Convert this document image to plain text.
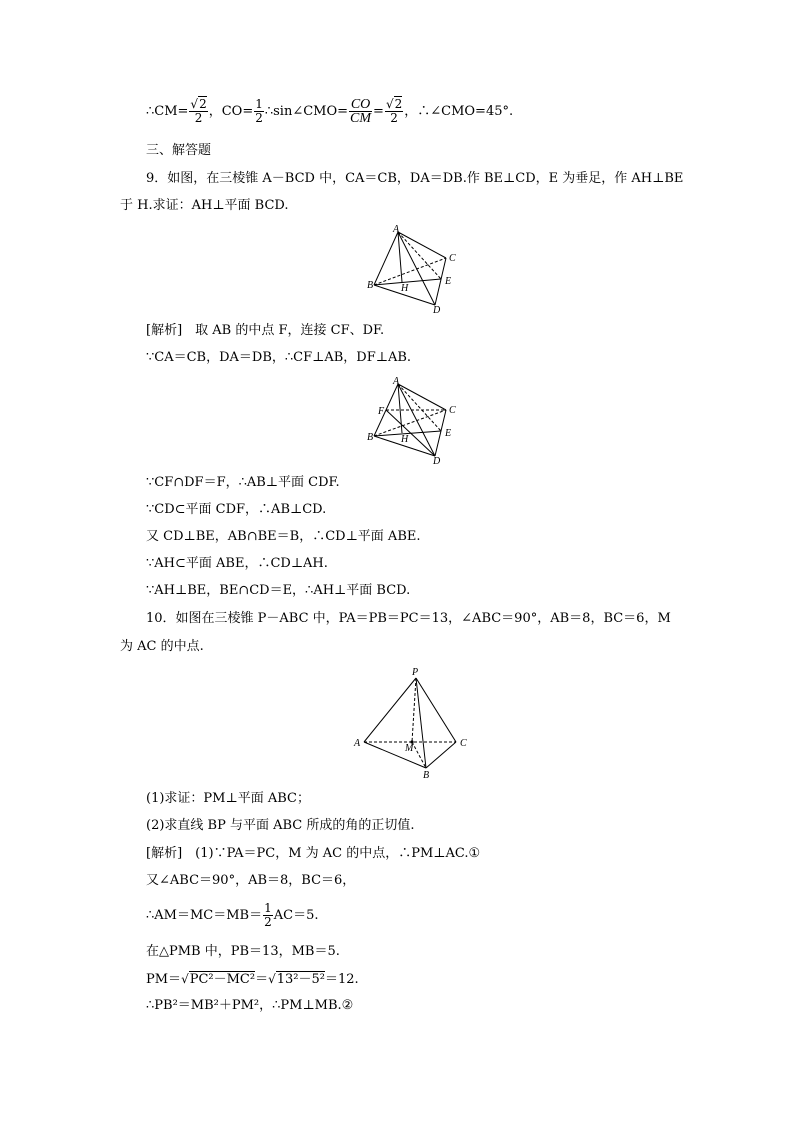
∴CM= $\frac{√2}{2}$ ，$CO= \frac{1}{2}$ ∴sin∠CMO= $\frac{CO}{CM} = \frac{√2}{2}$ ，∴∠CMO=45°.
三、解答题
9．如图，在三棱锥 A－BCD 中，CA＝CB，DA＝DB.作 BE⊥CD，E 为垂足，作 AH⊥BE
于 H.求证：AH⊥平面 BCD.
A
B
C
D
E
H
[解析]　取 AB 的中点 F，连接 CF、DF.
∵CA＝CB，DA＝DB，∴CF⊥AB，DF⊥AB.
A
F
B
C
D
E
H
∵CF∩DF＝F，∴AB⊥平面 CDF.
∵CD⊂平面 CDF，∴AB⊥CD.
又 CD⊥BE，AB∩BE＝B，∴CD⊥平面 ABE.
∵AH⊂平面 ABE，∴CD⊥AH.
∵AH⊥BE，BE∩CD＝E，∴AH⊥平面 BCD.
10．如图在三棱锥 P－ABC 中，PA＝PB＝PC＝13，∠ABC＝90°，AB＝8，BC＝6，M
为 AC 的中点.
P
A	C
B
M
(1)求证：PM⊥平面 ABC；
(2)求直线 BP 与平面 ABC 所成的角的正切值.
[解析]　(1)∵PA＝PC，M 为 AC 的中点，∴PM⊥AC.①
又∠ABC＝90°，AB＝8，BC＝6，
∴AM＝MC＝MB＝ $\frac{1}{2} AC=5$.
在△PMB 中，PB＝13，MB＝5.
PM＝√PC²－MC²＝√13²－5²＝12.
∴PB²＝MB²＋PM²，∴PM⊥MB.②
